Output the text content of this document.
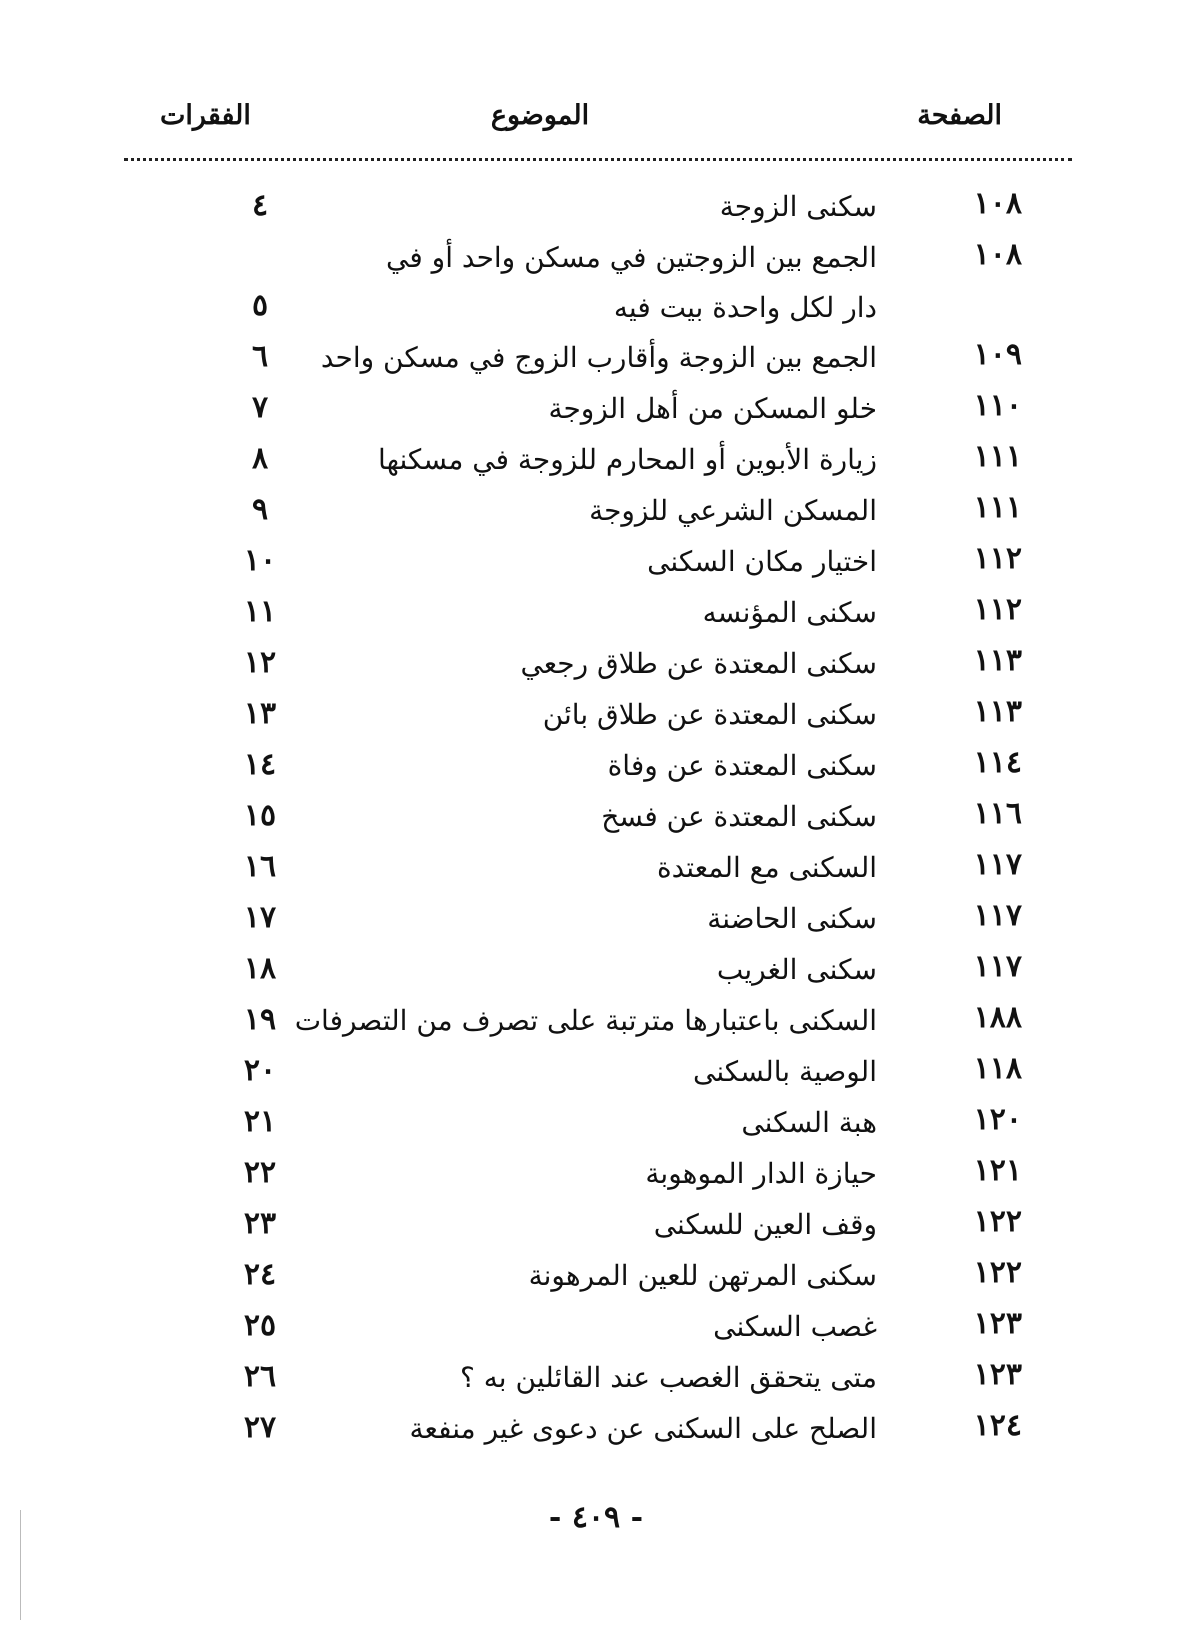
الصفحة
الموضوع
الفقرات
١٠٨
سكنى الزوجة
٤
١٠٨
الجمع بين الزوجتين في مسكن واحد أو في
دار لكل واحدة بيت فيه
٥
١٠٩
الجمع بين الزوجة وأقارب الزوج في مسكن واحد
٦
١١٠
خلو المسكن من أهل الزوجة
٧
١١١
زيارة الأبوين أو المحارم للزوجة في مسكنها
٨
١١١
المسكن الشرعي للزوجة
٩
١١٢
اختيار مكان السكنى
١٠
١١٢
سكنى المؤنسه
١١
١١٣
سكنى المعتدة عن طلاق رجعي
١٢
١١٣
سكنى المعتدة عن طلاق بائن
١٣
١١٤
سكنى المعتدة عن وفاة
١٤
١١٦
سكنى المعتدة عن فسخ
١٥
١١٧
السكنى مع المعتدة
١٦
١١٧
سكنى الحاضنة
١٧
١١٧
سكنى الغريب
١٨
١٨٨
السكنى باعتبارها مترتبة على تصرف من التصرفات
١٩
١١٨
الوصية بالسكنى
٢٠
١٢٠
هبة السكنى
٢١
١٢١
حيازة الدار الموهوبة
٢٢
١٢٢
وقف العين للسكنى
٢٣
١٢٢
سكنى المرتهن للعين المرهونة
٢٤
١٢٣
غصب السكنى
٢٥
١٢٣
متى يتحقق الغصب عند القائلين به ؟
٢٦
١٢٤
الصلح على السكنى عن دعوى غير منفعة
٢٧
- ٤٠٩ -
